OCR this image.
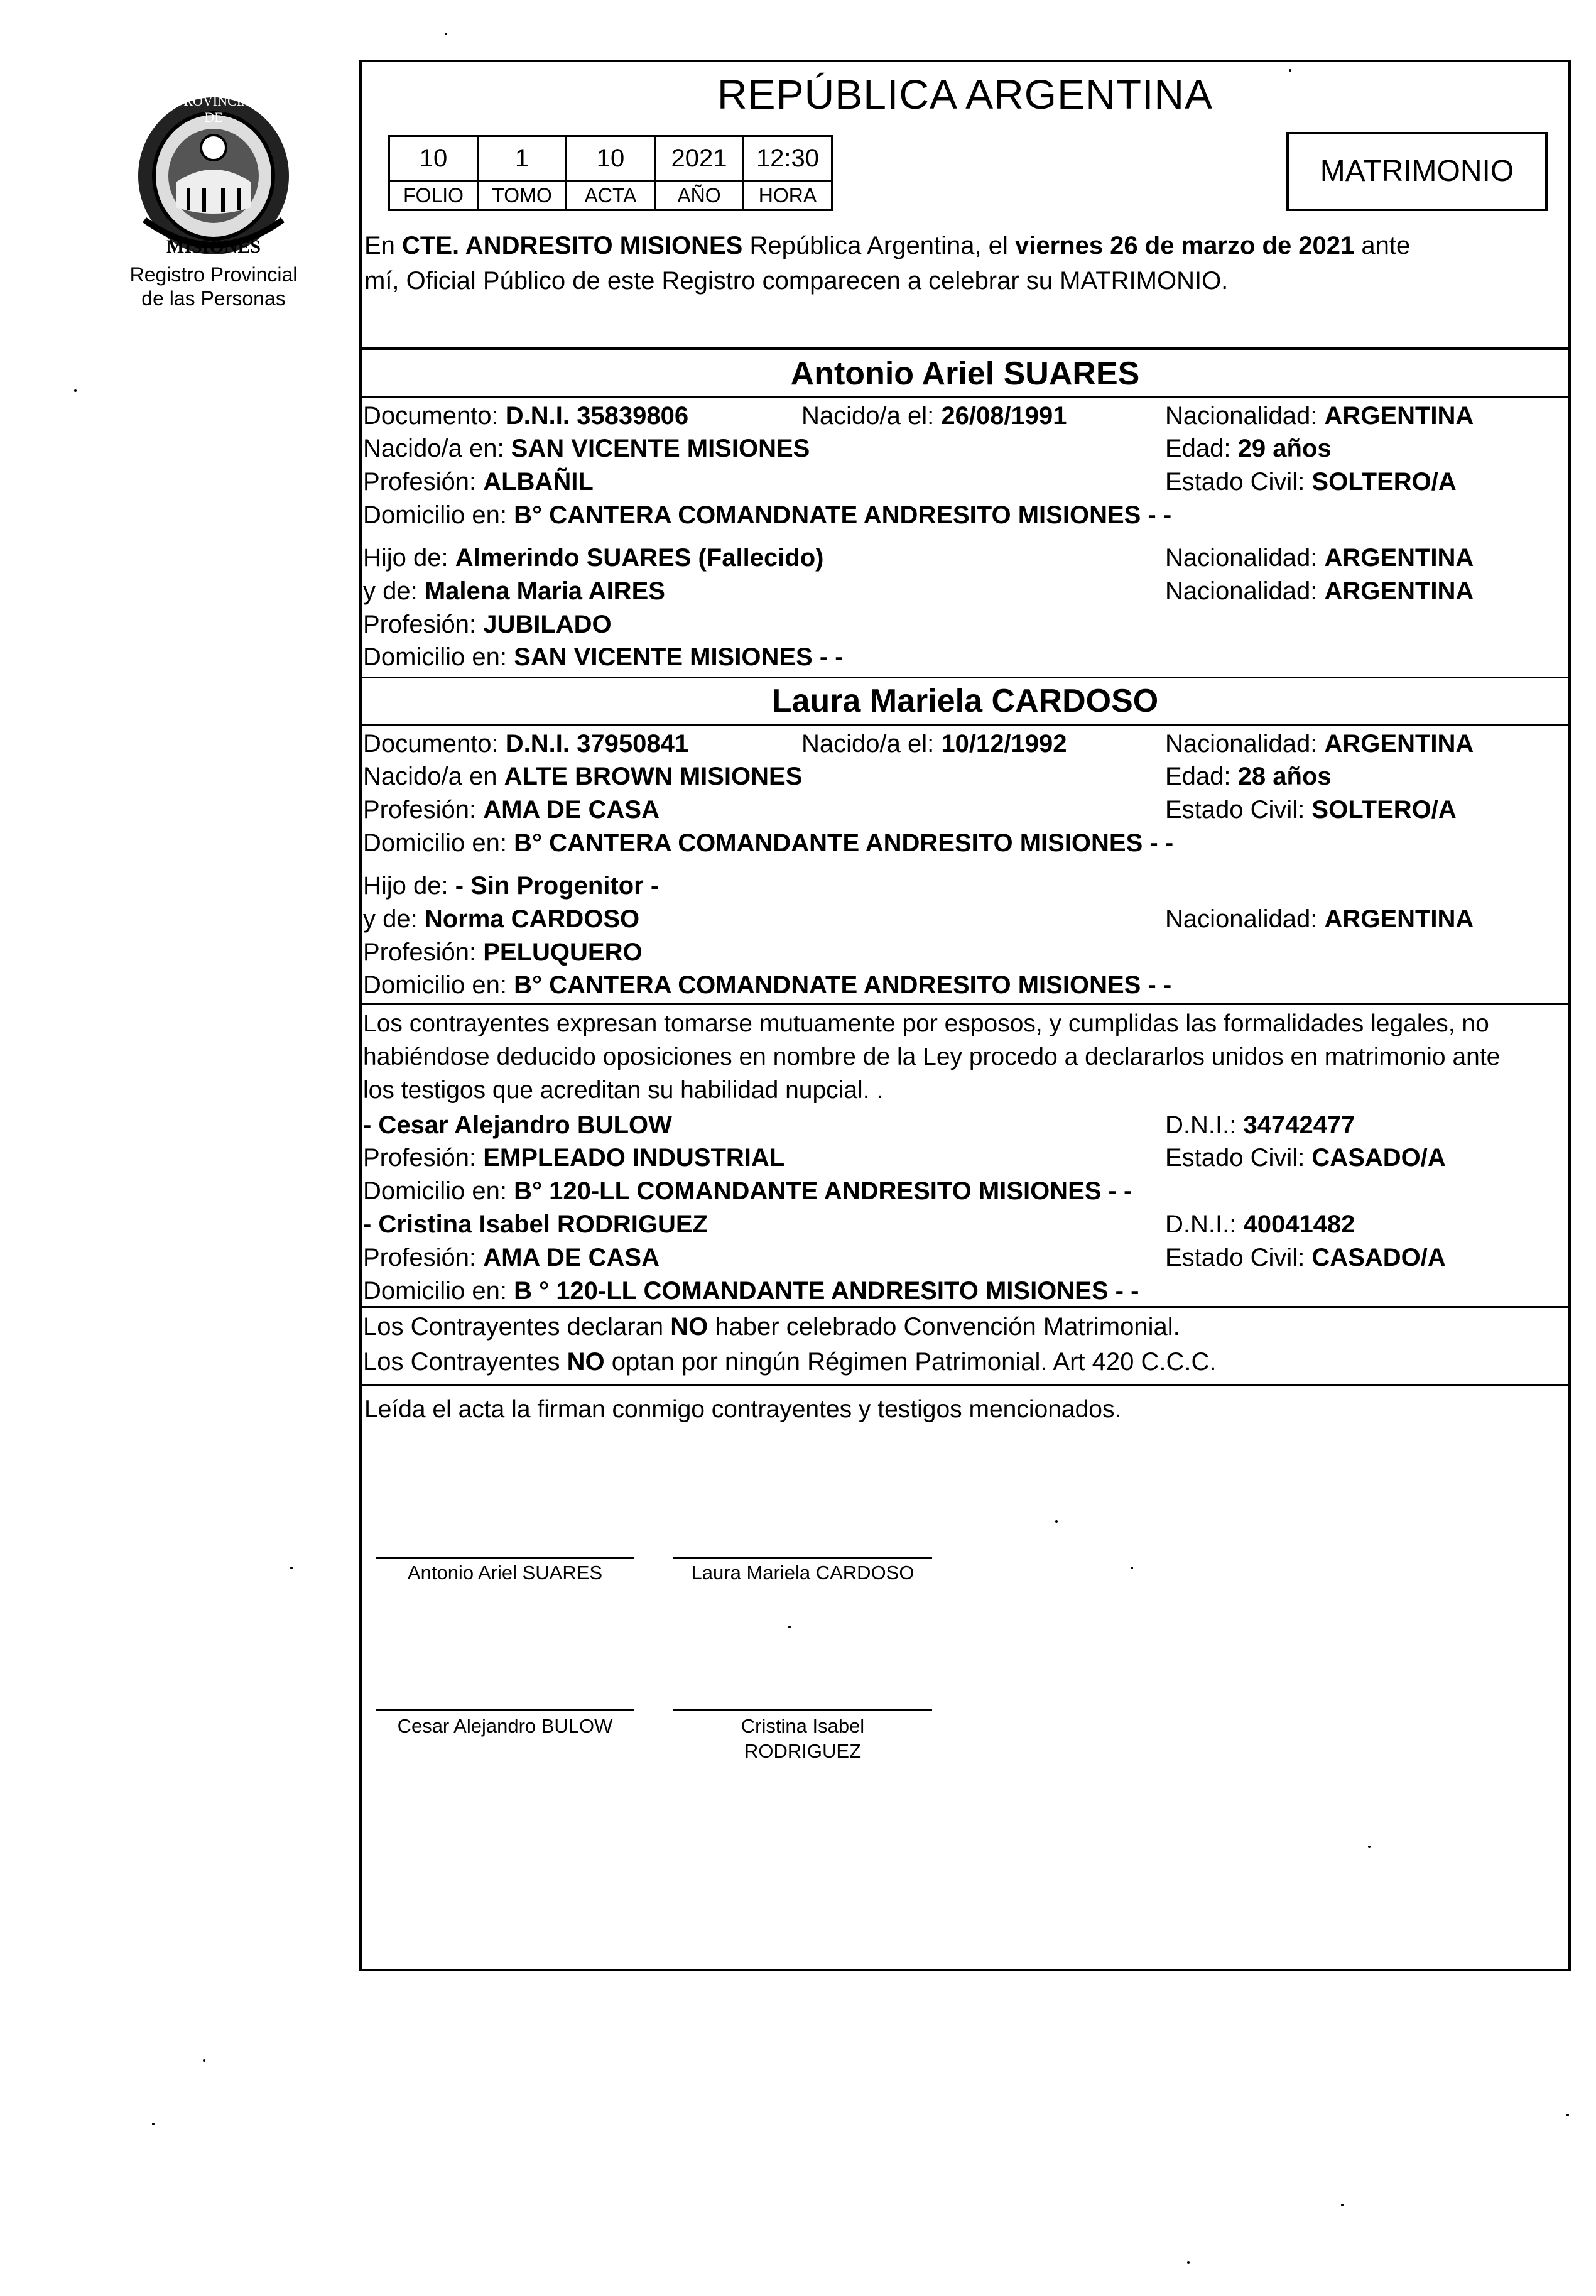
PROVINCIA DE
MISIONES
Registro Provincial
de las Personas
REPÚBLICA ARGENTINA
10	1	10	2021	12:30
FOLIO	TOMO	ACTA	AÑO	HORA
MATRIMONIO
En CTE. ANDRESITO MISIONES República Argentina, el viernes 26 de marzo de 2021 ante
mí, Oficial Público de este Registro comparecen a celebrar su MATRIMONIO.
Antonio Ariel SUARES
Documento: D.N.I. 35839806	Nacido/a el: 26/08/1991	Nacionalidad: ARGENTINA
Nacido/a en: SAN VICENTE MISIONES	Edad: 29 años
Profesión: ALBAÑIL	Estado Civil: SOLTERO/A
Domicilio en: B° CANTERA COMANDNATE ANDRESITO MISIONES - -
Hijo de: Almerindo SUARES (Fallecido)	Nacionalidad: ARGENTINA
y de: Malena Maria AIRES	Nacionalidad: ARGENTINA
Profesión: JUBILADO
Domicilio en: SAN VICENTE MISIONES - -
Laura Mariela CARDOSO
Documento: D.N.I. 37950841	Nacido/a el: 10/12/1992	Nacionalidad: ARGENTINA
Nacido/a en ALTE BROWN MISIONES	Edad: 28 años
Profesión: AMA DE CASA	Estado Civil: SOLTERO/A
Domicilio en: B° CANTERA COMANDANTE ANDRESITO MISIONES - -
Hijo de: - Sin Progenitor -
y de: Norma CARDOSO	Nacionalidad: ARGENTINA
Profesión: PELUQUERO
Domicilio en: B° CANTERA COMANDNATE ANDRESITO MISIONES - -
Los contrayentes expresan tomarse mutuamente por esposos, y cumplidas las formalidades legales, no
habiéndose deducido oposiciones en nombre de la Ley procedo a declararlos unidos en matrimonio ante
los testigos que acreditan su habilidad nupcial. .
- Cesar Alejandro BULOW	D.N.I.: 34742477
Profesión: EMPLEADO INDUSTRIAL	Estado Civil: CASADO/A
Domicilio en: B° 120-LL COMANDANTE ANDRESITO MISIONES - -
- Cristina Isabel RODRIGUEZ	D.N.I.: 40041482
Profesión: AMA DE CASA	Estado Civil: CASADO/A
Domicilio en: B ° 120-LL COMANDANTE ANDRESITO MISIONES - -
Los Contrayentes declaran NO haber celebrado Convención Matrimonial.
Los Contrayentes NO optan por ningún Régimen Patrimonial. Art 420 C.C.C.
Leída el acta la firman conmigo contrayentes y testigos mencionados.
Antonio Ariel SUARES	Laura Mariela CARDOSO
Cesar Alejandro BULOW	Cristina Isabel
RODRIGUEZ
